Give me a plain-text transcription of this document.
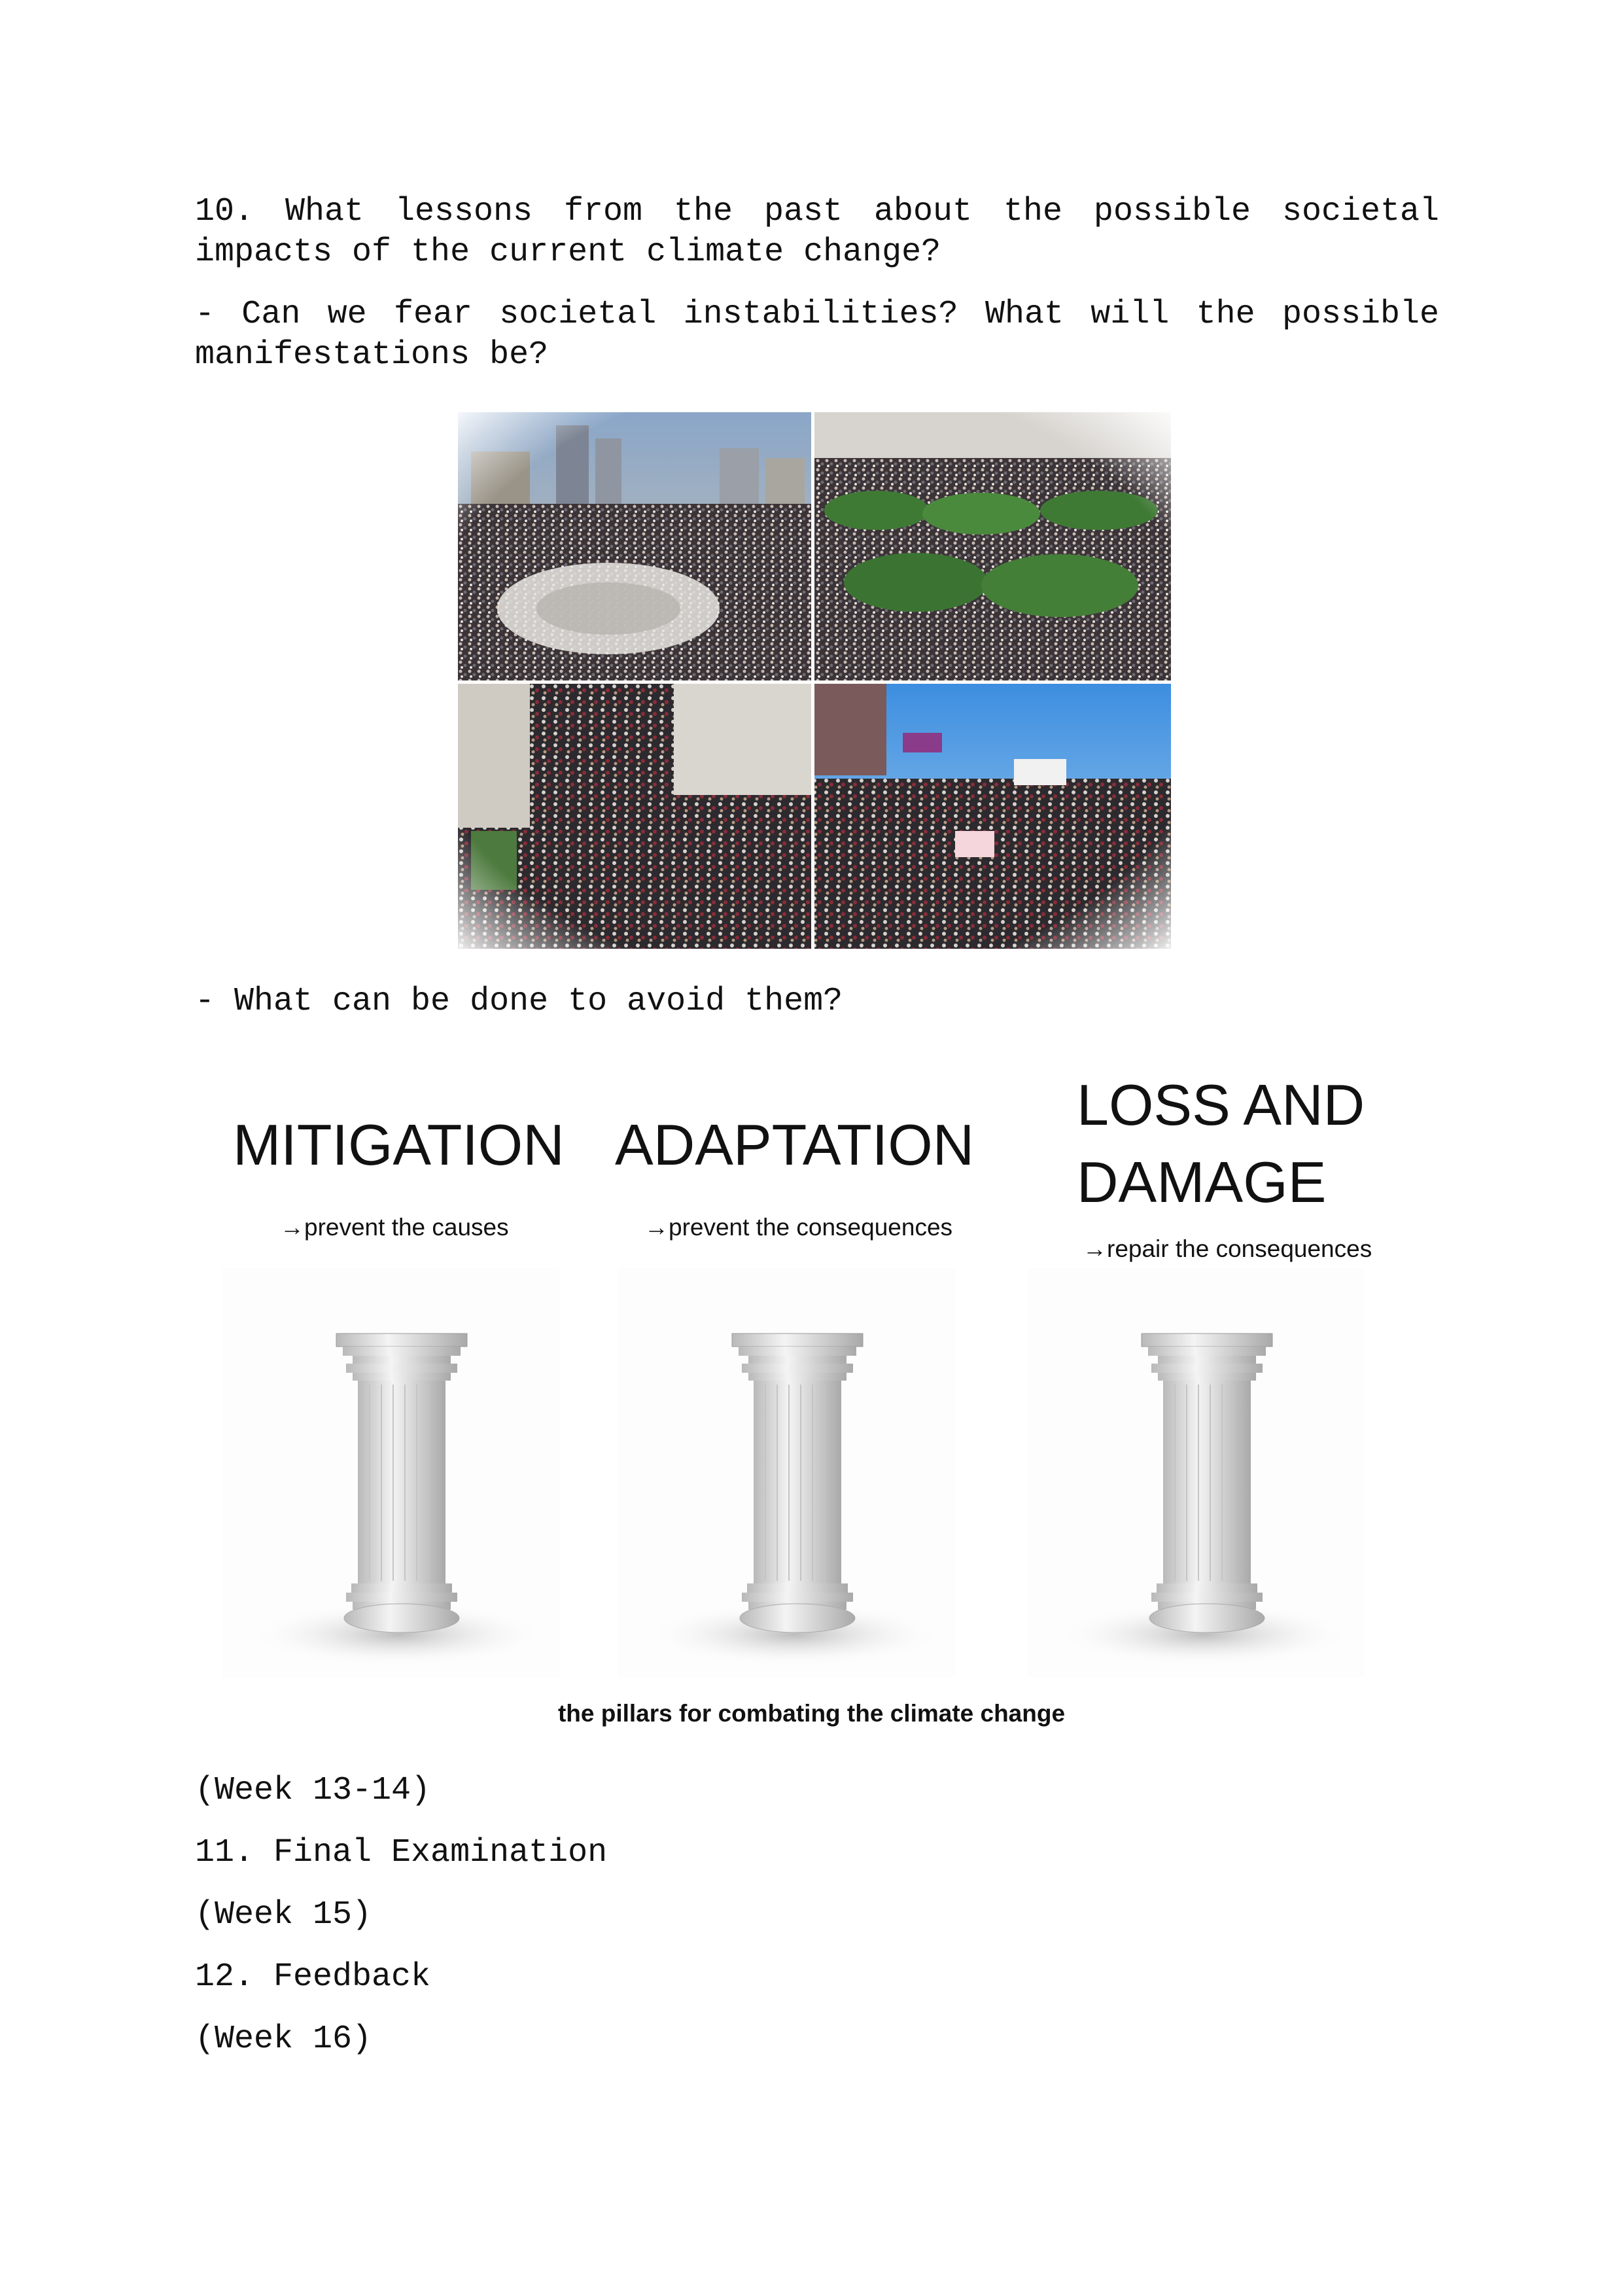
10. What lessons from the past about the possible societal impacts of the current climate change?
- Can we fear societal instabilities? What will the possible manifestations be?
- What can be done to avoid them?
MITIGATION
→prevent the causes
ADAPTATION
→prevent the consequences
LOSS AND
DAMAGE
→repair the consequences
the pillars for combating the climate change
(Week 13-14)
11. Final Examination
(Week 15)
12. Feedback
(Week 16)
